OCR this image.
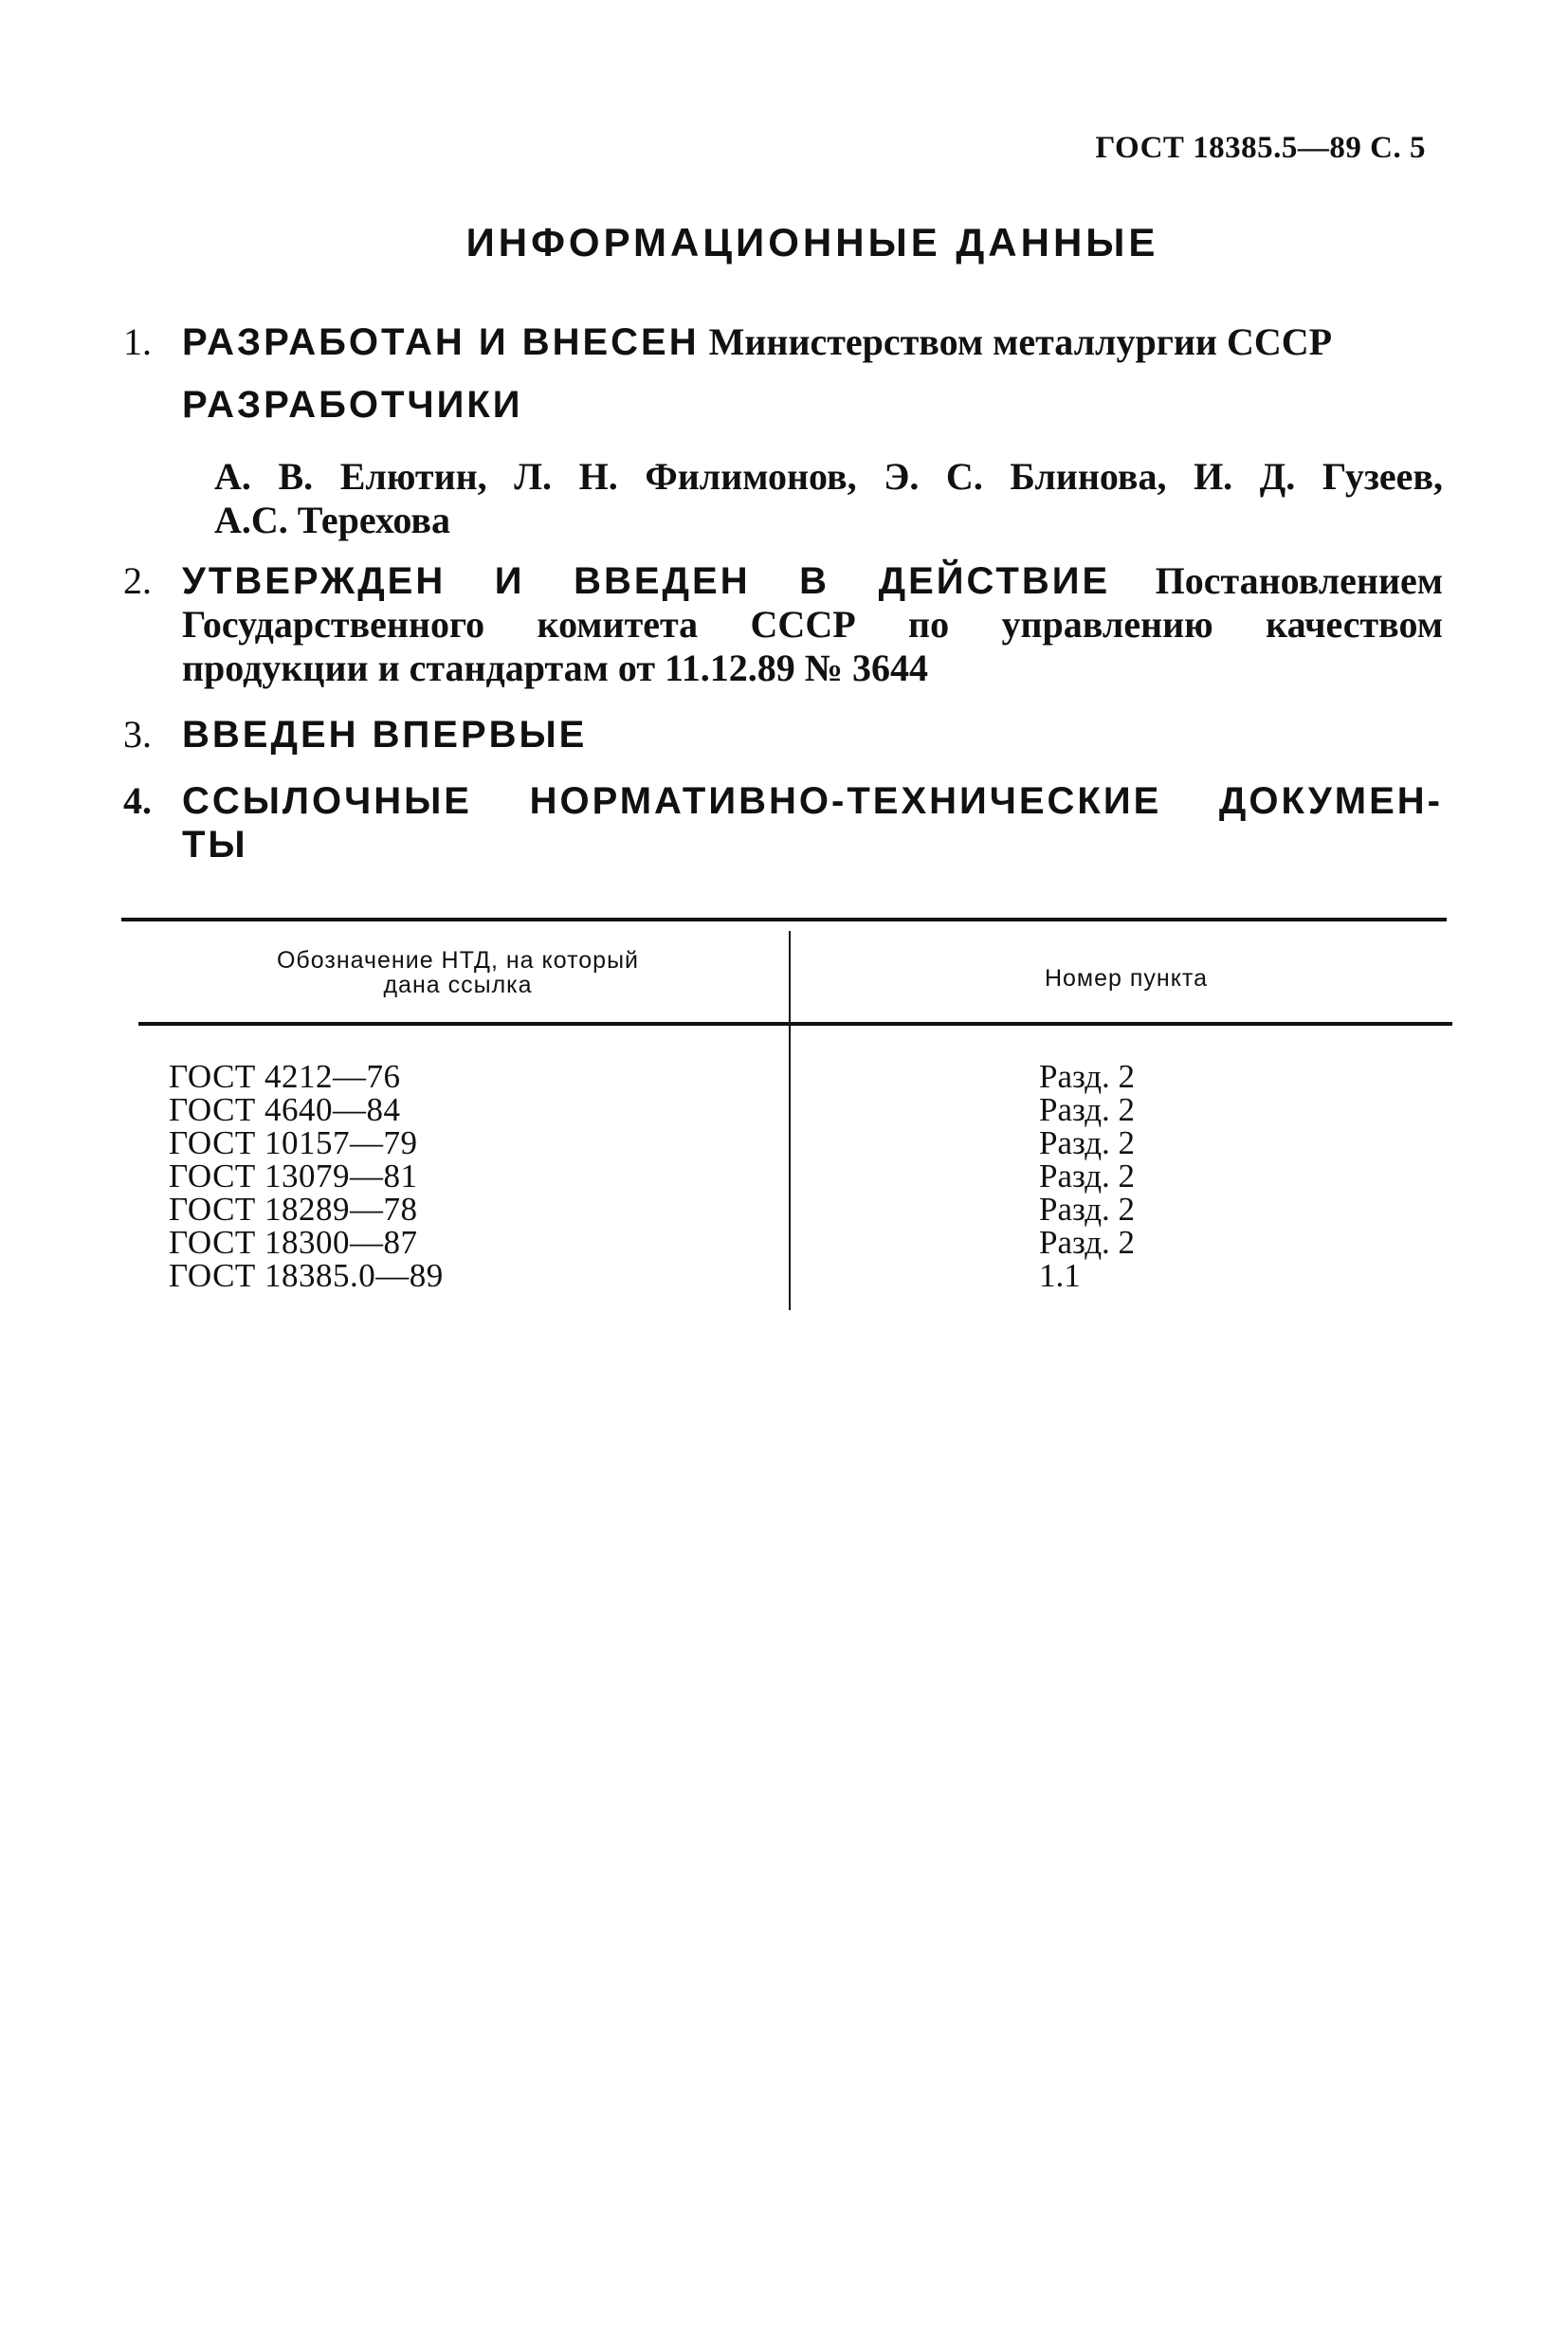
ГОСТ 18385.5—89 С. 5
ИНФОРМАЦИОННЫЕ ДАННЫЕ
1. РАЗРАБОТАН И ВНЕСЕН Министерством металлургии СССР
РАЗРАБОТЧИКИ
А. В. Елютин, Л. Н. Филимонов, Э. С. Блинова, И. Д. Гузеев,
А.С. Терехова
2. УТВЕРЖДЕН И ВВЕДЕН В ДЕЙСТВИЕ Постановлением
Государственного комитета СССР по управлению качеством
продукции и стандартам от 11.12.89 № 3644
3. ВВЕДЕН ВПЕРВЫЕ
4. ССЫЛОЧНЫЕ НОРМАТИВНО-ТЕХНИЧЕСКИЕ ДОКУМЕН-
ТЫ
Обозначение НТД, на который
дана ссылка	Номер пункта
ГОСТ 4212—76	Разд. 2
ГОСТ 4640—84	Разд. 2
ГОСТ 10157—79	Разд. 2
ГОСТ 13079—81	Разд. 2
ГОСТ 18289—78	Разд. 2
ГОСТ 18300—87	Разд. 2
ГОСТ 18385.0—89	1.1
